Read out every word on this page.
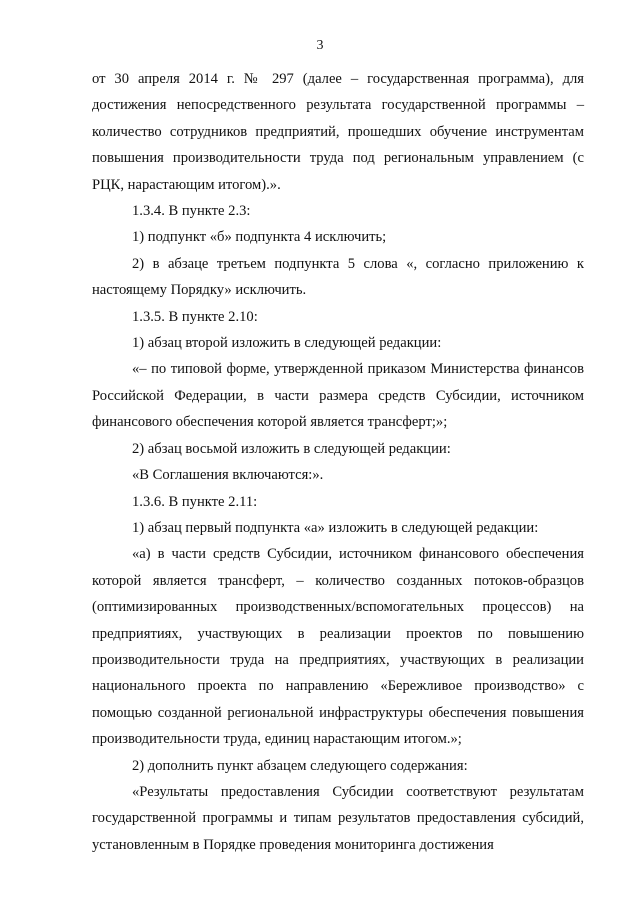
3

от 30 апреля 2014 г. № 297 (далее – государственная программа), для достижения непосредственного результата государственной программы – количество сотрудников предприятий, прошедших обучение инструментам повышения производительности труда под региональным управлением (с РЦК, нарастающим итогом).».

1.3.4. В пункте 2.3:

1) подпункт «б» подпункта 4 исключить;

2) в абзаце третьем подпункта 5 слова «, согласно приложению к настоящему Порядку» исключить.

1.3.5. В пункте 2.10:

1) абзац второй изложить в следующей редакции:

«– по типовой форме, утвержденной приказом Министерства финансов Российской Федерации, в части размера средств Субсидии, источником финансового обеспечения которой является трансферт;»;

2) абзац восьмой изложить в следующей редакции:

«В Соглашения включаются:».

1.3.6. В пункте 2.11:

1) абзац первый подпункта «а» изложить в следующей редакции:

«а) в части средств Субсидии, источником финансового обеспечения которой является трансферт, – количество созданных потоков-образцов (оптимизированных производственных/вспомогательных процессов) на предприятиях, участвующих в реализации проектов по повышению производительности труда на предприятиях, участвующих в реализации национального проекта по направлению «Бережливое производство» с помощью созданной региональной инфраструктуры обеспечения повышения производительности труда, единиц нарастающим итогом.»;

2) дополнить пункт абзацем следующего содержания:

«Результаты предоставления Субсидии соответствуют результатам государственной программы и типам результатов предоставления субсидий, установленным в Порядке проведения мониторинга достижения
